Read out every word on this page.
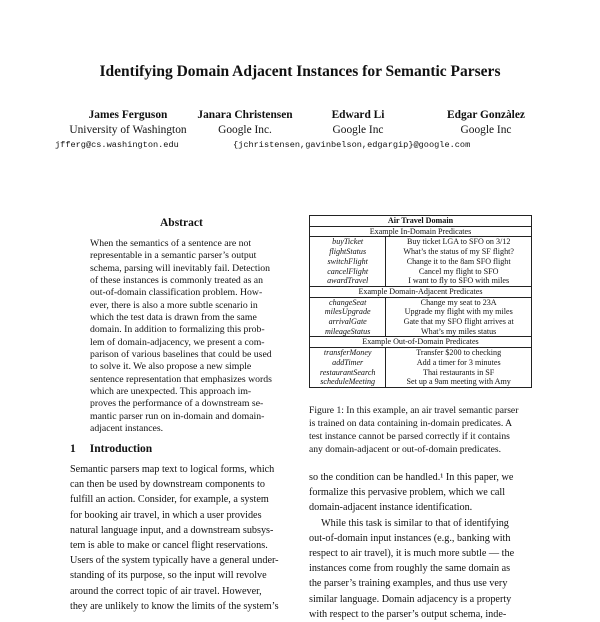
Identifying Domain Adjacent Instances for Semantic Parsers
James Ferguson
University of Washington
Janara Christensen
Google Inc.
Edward Li
Google Inc
Edgar Gonzàlez
Google Inc
jfferg@cs.washington.edu	{jchristensen,gavinbelson,edgargip}@google.com
Abstract
When the semantics of a sentence are not
representable in a semantic parser’s output
schema, parsing will inevitably fail. Detection
of these instances is commonly treated as an
out-of-domain classification problem. How-
ever, there is also a more subtle scenario in
which the test data is drawn from the same
domain. In addition to formalizing this prob-
lem of domain-adjacency, we present a com-
parison of various baselines that could be used
to solve it. We also propose a new simple
sentence representation that emphasizes words
which are unexpected. This approach im-
proves the performance of a downstream se-
mantic parser run on in-domain and domain-
adjacent instances.
1 Introduction
Semantic parsers map text to logical forms, which
can then be used by downstream components to
fulfill an action. Consider, for example, a system
for booking air travel, in which a user provides
natural language input, and a downstream subsys-
tem is able to make or cancel flight reservations.
Users of the system typically have a general under-
standing of its purpose, so the input will revolve
around the correct topic of air travel. However,
they are unlikely to know the limits of the system’s
Air Travel Domain	
Example In-Domain Predicates	
buyTicket	Buy ticket LGA to SFO on 3/12
flightStatus	What’s the status of my SF flight?
switchFlight	Change it to the 8am SFO flight
cancelFlight	Cancel my flight to SFO
awardTravel	I want to fly to SFO with miles
Example Domain-Adjacent Predicates	
changeSeat	Change my seat to 23A
milesUpgrade	Upgrade my flight with my miles
arrivalGate	Gate that my SFO flight arrives at
mileageStatus	What’s my miles status
Example Out-of-Domain Predicates	
transferMoney	Transfer $200 to checking
addTimer	Add a timer for 3 minutes
restaurantSearch	Thai restaurants in SF
scheduleMeeting	Set up a 9am meeting with Amy
Figure 1: In this example, an air travel semantic parser
is trained on data containing in-domain predicates. A
test instance cannot be parsed correctly if it contains
any domain-adjacent or out-of-domain predicates.
so the condition can be handled.¹ In this paper, we
formalize this pervasive problem, which we call
domain-adjacent instance identification.
While this task is similar to that of identifying
out-of-domain input instances (e.g., banking with
respect to air travel), it is much more subtle — the
instances come from roughly the same domain as
the parser’s training examples, and thus use very
similar language. Domain adjacency is a property
with respect to the parser’s output schema, inde-
